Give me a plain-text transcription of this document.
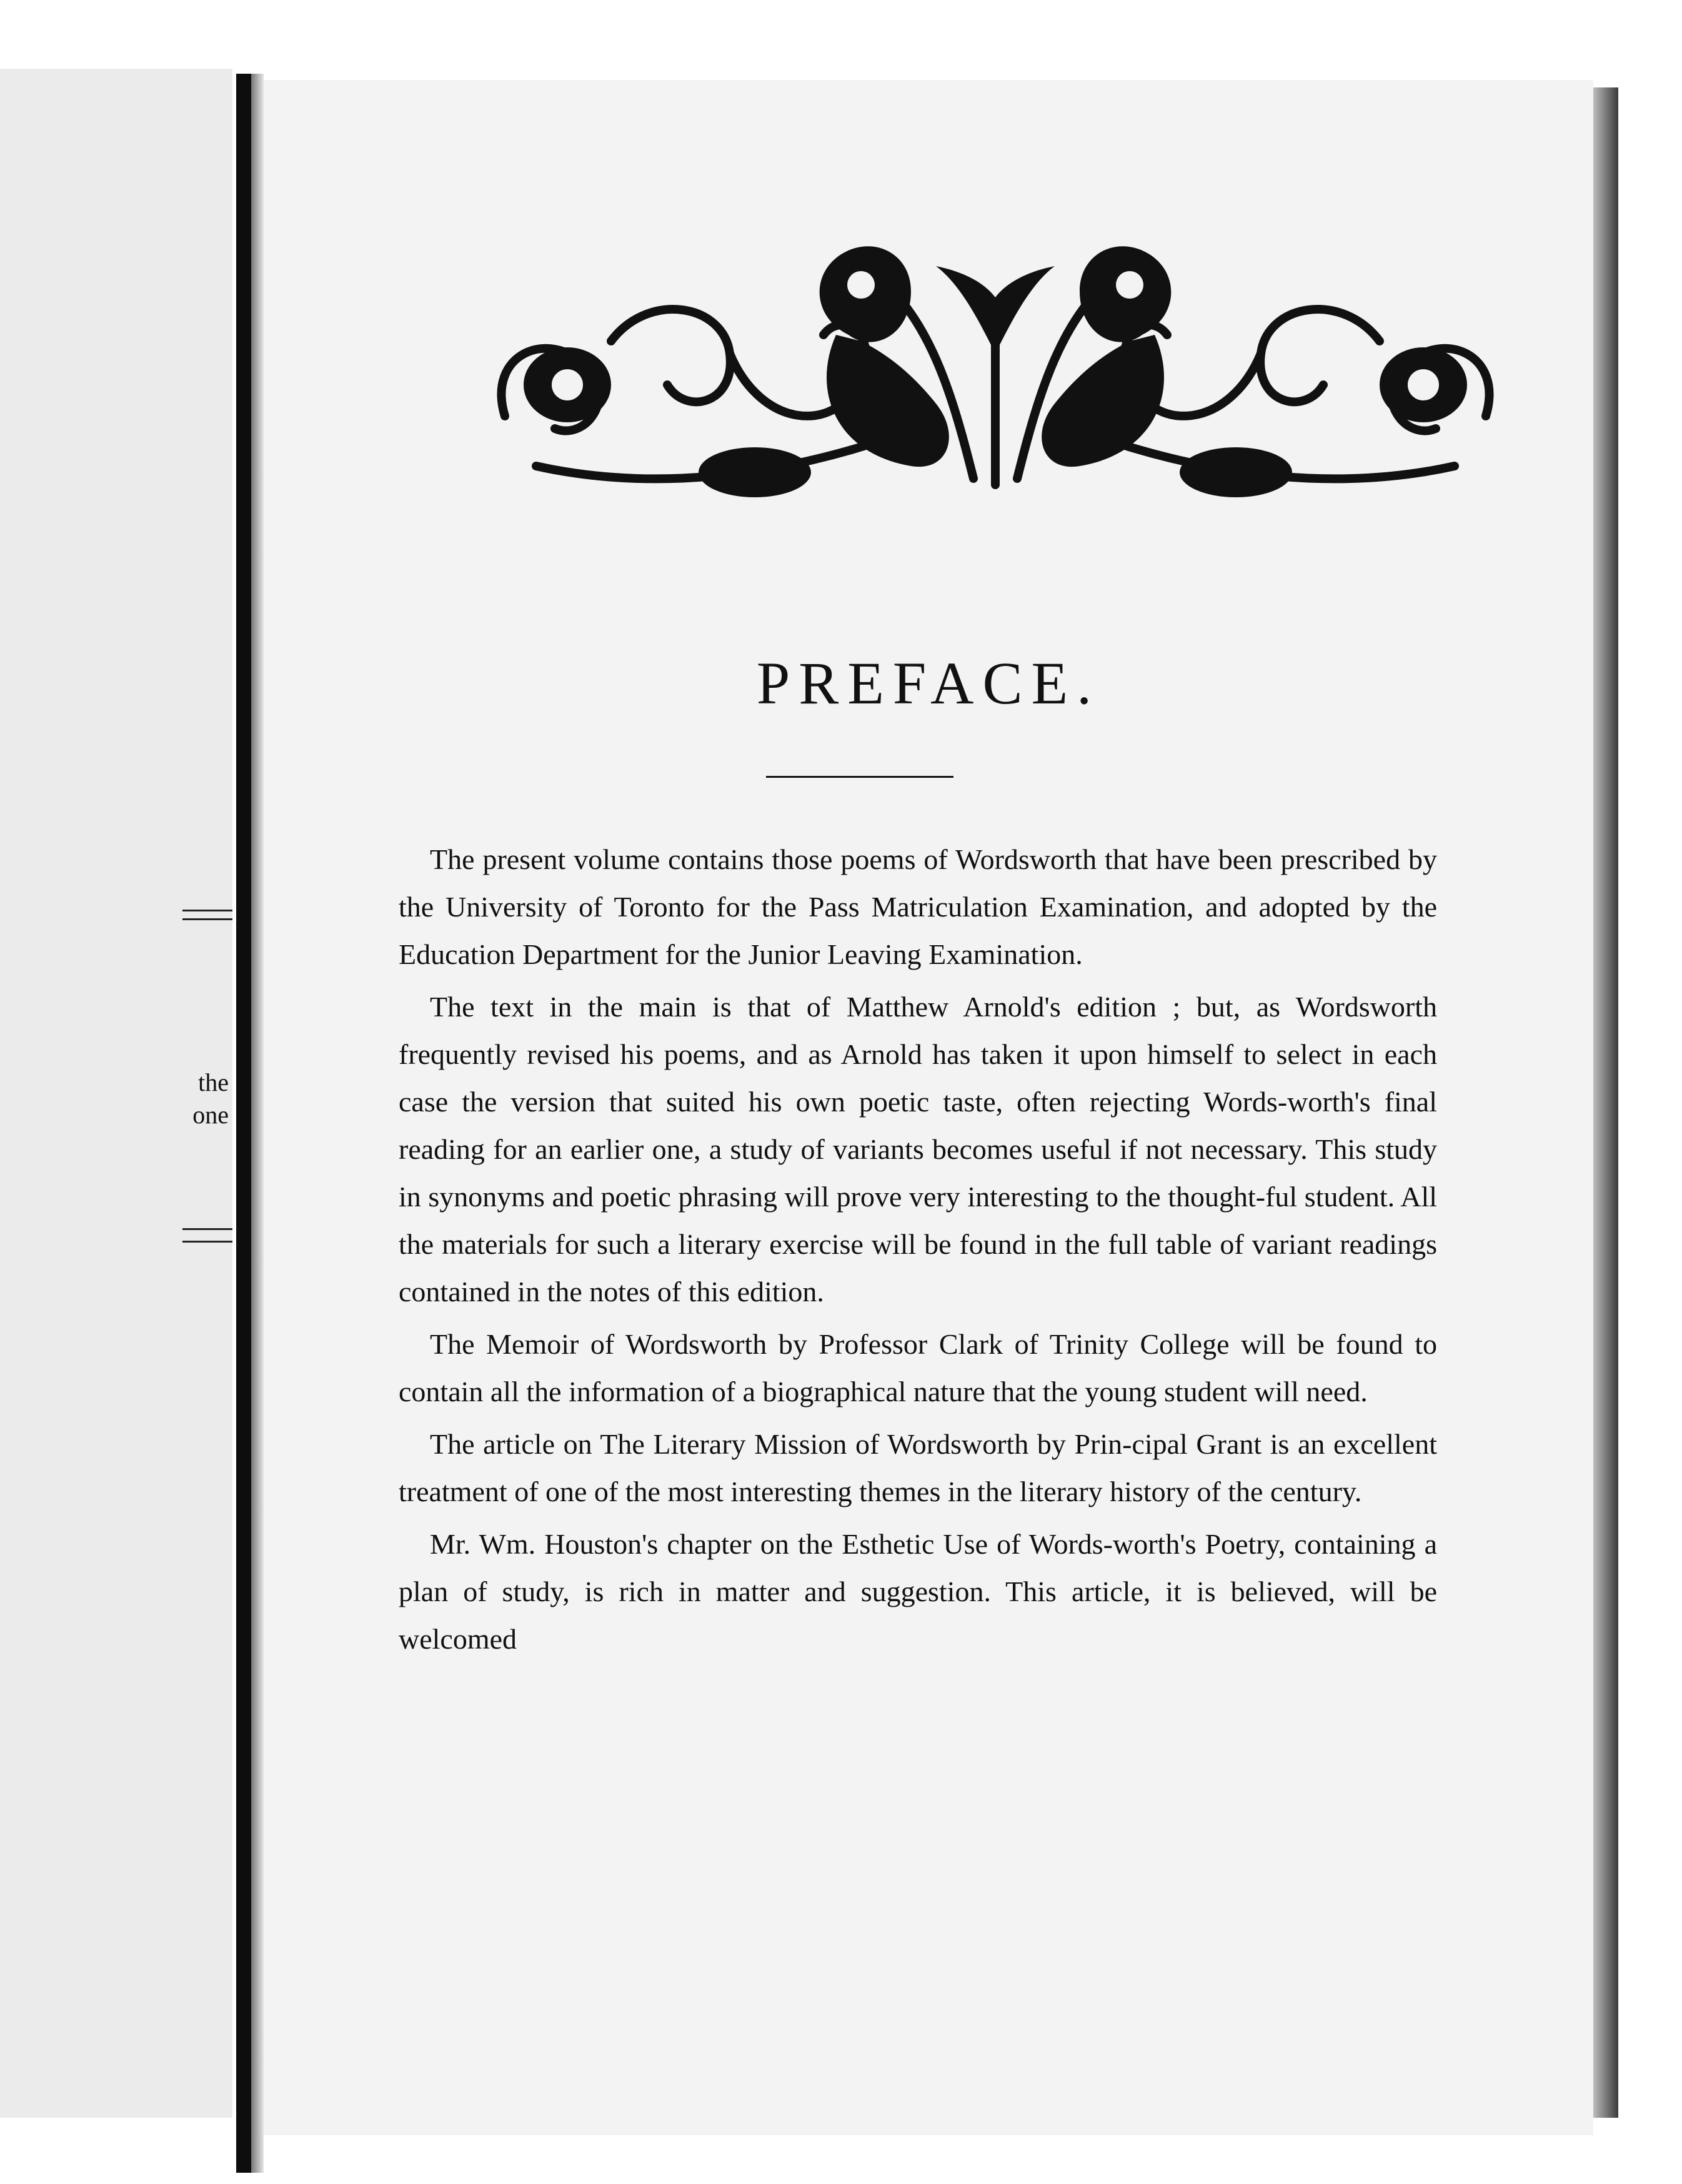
the
one
PREFACE.

The present volume contains those poems of Wordsworth that have been prescribed by the University of Toronto for the Pass Matriculation Examination, and adopted by the Education Department for the Junior Leaving Examination.

The text in the main is that of Matthew Arnold's edition ; but, as Wordsworth frequently revised his poems, and as Arnold has taken it upon himself to select in each case the version that suited his own poetic taste, often rejecting Words-worth's final reading for an earlier one, a study of variants becomes useful if not necessary. This study in synonyms and poetic phrasing will prove very interesting to the thought-ful student. All the materials for such a literary exercise will be found in the full table of variant readings contained in the notes of this edition.

The Memoir of Wordsworth by Professor Clark of Trinity College will be found to contain all the information of a biographical nature that the young student will need.

The article on The Literary Mission of Wordsworth by Prin-cipal Grant is an excellent treatment of one of the most interesting themes in the literary history of the century.

Mr. Wm. Houston's chapter on the Esthetic Use of Words-worth's Poetry, containing a plan of study, is rich in matter and suggestion. This article, it is believed, will be welcomed
